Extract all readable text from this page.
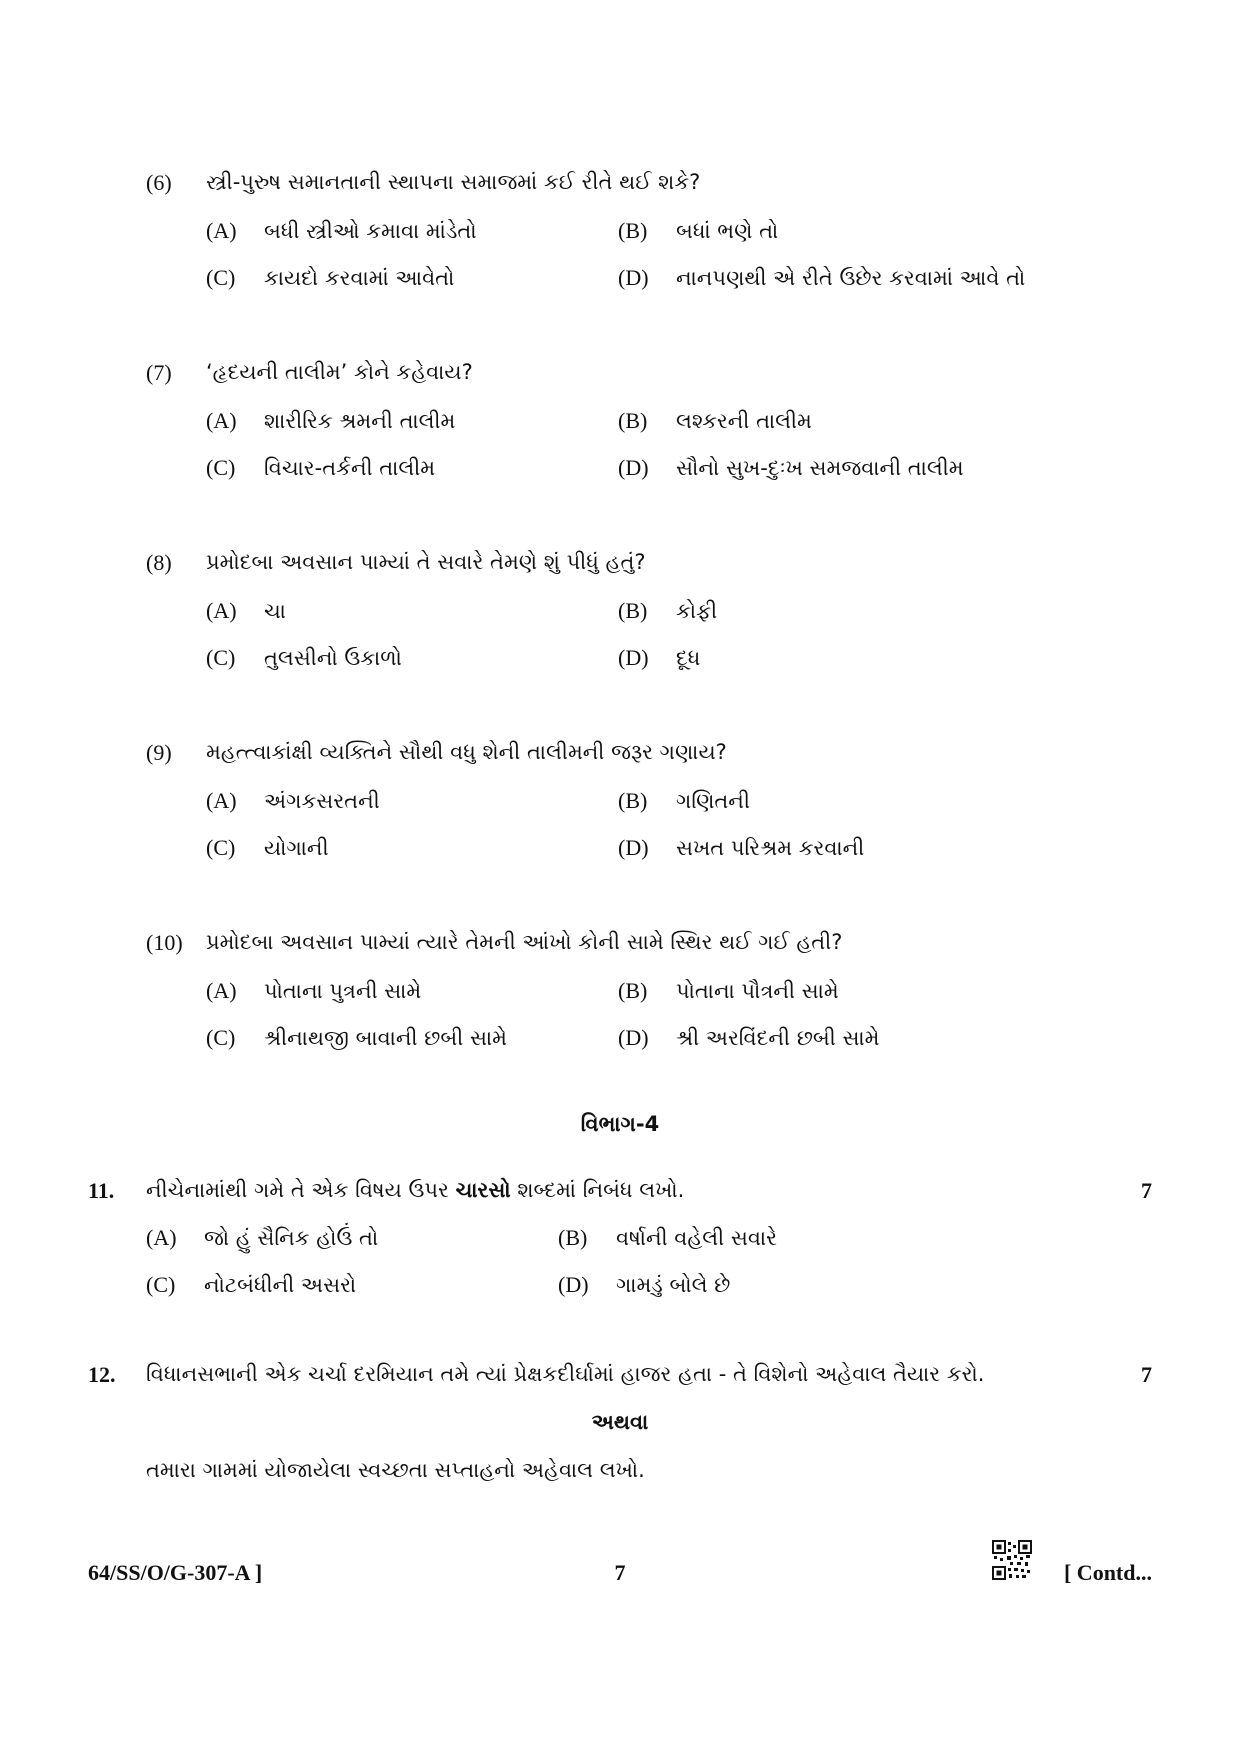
(6) સ્ત્રી-પુરુષ સમાનતાની સ્થાપના સમાજમાં કઈ રીતે થઈ શકે?
(A) બધી સ્ત્રીઓ કમાવા માંડેતો	(B) બધાં ભણે તો
(C) કાયદો કરવામાં આવેતો	(D) નાનપણથી એ રીતે ઉછેર કરવામાં આવે તો
(7) ‘હૃદયની તાલીમ’ કોને કહેવાય?
(A) શારીરિક શ્રમની તાલીમ	(B) લશ્કરની તાલીમ
(C) વિચાર-તર્કની તાલીમ	(D) સૌનો સુખ-દુઃખ સમજવાની તાલીમ
(8) પ્રમોદબા અવસાન પામ્યાં તે સવારે તેમણે શું પીધું હતું?
(A) ચા	(B) કોફી
(C) તુલસીનો ઉકાળો	(D) દૂધ
(9) મહત્ત્વાકાંક્ષી વ્યક્તિને સૌથી વધુ શેની તાલીમની જરૂર ગણાય?
(A) અંગકસરતની	(B) ગણિતની
(C) યોગાની	(D) સખત પરિશ્રમ કરવાની
(10) પ્રમોદબા અવસાન પામ્યાં ત્યારે તેમની આંખો કોની સામે સ્થિર થઈ ગઈ હતી?
(A) પોતાના પુત્રની સામે	(B) પોતાના પૌત્રની સામે
(C) શ્રીનાથજી બાવાની છબી સામે	(D) શ્રી અરવિંદની છબી સામે
વિભાગ-4
11. નીચેનામાંથી ગમે તે એક વિષય ઉપર ચારસો શબ્દમાં નિબંધ લખો.	7
(A) જો હું સૈનિક હોઉં તો	(B) વર્ષાની વહેલી સવારે
(C) નોટબંધીની અસરો	(D) ગામડું બોલે છે
12. વિધાનસભાની એક ચર્ચા દરમિયાન તમે ત્યાં પ્રેક્ષકદીર્ઘામાં હાજર હતા - તે વિશેનો અહેવાલ તૈયાર કરો.	7
અથવા
તમારા ગામમાં યોજાયેલા સ્વચ્છતા સપ્તાહનો અહેવાલ લખો.
64/SS/O/G-307-A ]	7	[ Contd...
